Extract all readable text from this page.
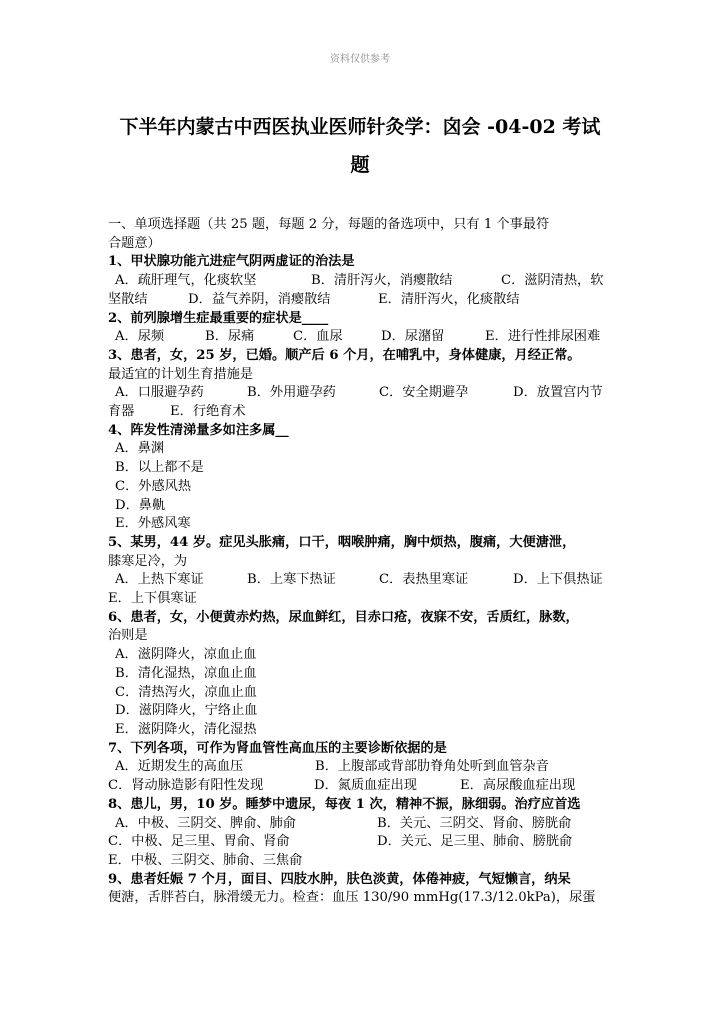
资料仅供参考
下半年内蒙古中西医执业医师针灸学：囟会 -04-02 考试
题
一、单项选择题（共 25 题，每题 2 分，每题的备选项中，只有 1 个事最符
合题意）
1、甲状腺功能亢进症气阴两虚证的治法是
A．疏肝理气，化痰软坚	B．清肝泻火，消瘿散结	C．滋阴清热，软
坚散结	D．益气养阴，消瘿散结	E．清肝泻火，化痰散结
2、前列腺增生症最重要的症状是____
A．尿频	B．尿痛	C．血尿	D．尿潴留	E．进行性排尿困难
3、患者，女，25 岁，已婚。顺产后 6 个月，在哺乳中，身体健康，月经正常。
最适宜的计划生育措施是
A．口服避孕药	B．外用避孕药	C．安全期避孕	D．放置宫内节
育器	E．行绝育术
4、阵发性清涕量多如注多属__
A．鼻渊
B．以上都不是
C．外感风热
D．鼻鼽
E．外感风寒
5、某男，44 岁。症见头胀痛，口干，咽喉肿痛，胸中烦热，腹痛，大便溏泄，
膝寒足冷，为
A．上热下寒证	B．上寒下热证	C．表热里寒证	D．上下俱热证
E．上下俱寒证
6、患者，女，小便黄赤灼热，尿血鲜红，目赤口疮，夜寐不安，舌质红，脉数，
治则是
A．滋阴降火，凉血止血
B．清化湿热，凉血止血
C．清热泻火，凉血止血
D．滋阴降火，宁络止血
E．滋阴降火，清化湿热
7、下列各项，可作为肾血管性高血压的主要诊断依据的是
A．近期发生的高血压	B．上腹部或背部肋脊角处听到血管杂音
C．肾动脉造影有阳性发现	D．氮质血症出现	E．高尿酸血症出现
8、患儿，男，10 岁。睡梦中遗尿，每夜 1 次，精神不振，脉细弱。治疗应首选
A．中极、三阴交、脾俞、肺俞	B．关元、三阴交、肾俞、膀胱俞
C．中极、足三里、胃俞、肾俞	D．关元、足三里、肺俞、膀胱俞
E．中极、三阴交、肺俞、三焦俞
9、患者妊娠 7 个月，面目、四肢水肿，肤色淡黄，体倦神疲，气短懒言，纳呆
便溏，舌胖苔白，脉滑缓无力。检查：血压 130/90 mmHg(17.3/12.0kPa)，尿蛋
